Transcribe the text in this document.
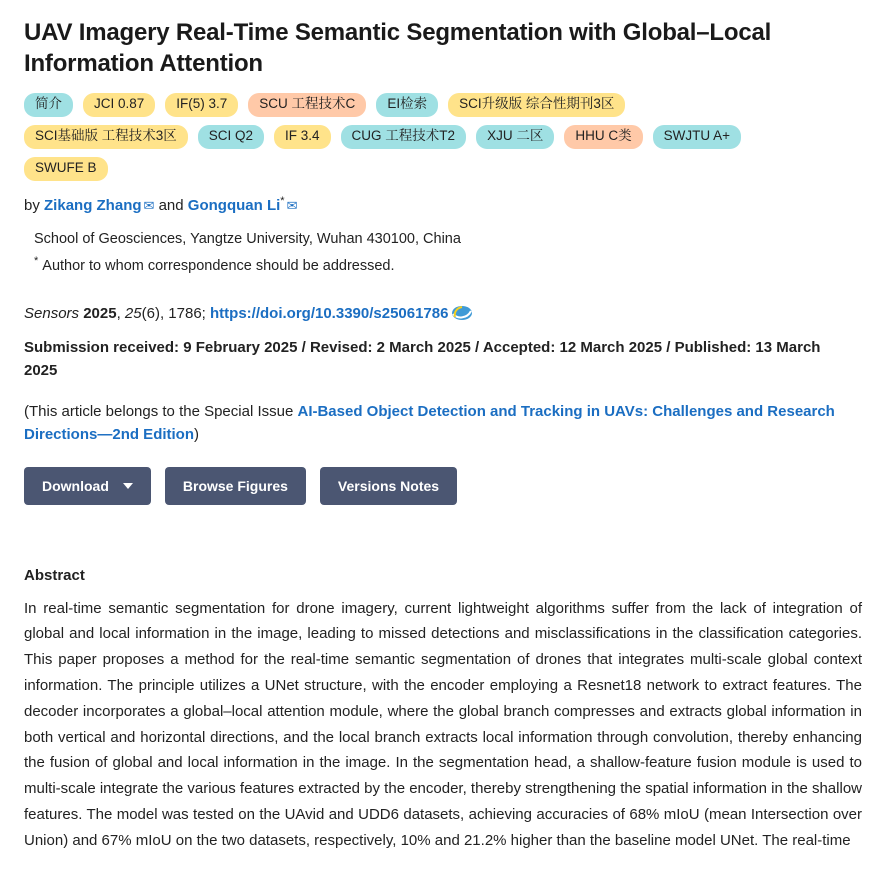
UAV Imagery Real-Time Semantic Segmentation with Global–Local Information Attention
简介	JCI 0.87	IF(5) 3.7	SCU 工程技术C	EI检索	SCI升级版 综合性期刊3区
SCI基础版 工程技术3区	SCI Q2	IF 3.4	CUG 工程技术T2	XJU 二区	HHU C类	SWJTU A+
SWUFE B
by Zikang Zhang ✉ and Gongquan Li* ✉
School of Geosciences, Yangtze University, Wuhan 430100, China
* Author to whom correspondence should be addressed.
Sensors 2025, 25(6), 1786; https://doi.org/10.3390/s25061786
Submission received: 9 February 2025 / Revised: 2 March 2025 / Accepted: 12 March 2025 / Published: 13 March 2025
(This article belongs to the Special Issue AI-Based Object Detection and Tracking in UAVs: Challenges and Research Directions—2nd Edition)
Download	Browse Figures	Versions Notes
Abstract
In real-time semantic segmentation for drone imagery, current lightweight algorithms suffer from the lack of integration of global and local information in the image, leading to missed detections and misclassifications in the classification categories. This paper proposes a method for the real-time semantic segmentation of drones that integrates multi-scale global context information. The principle utilizes a UNet structure, with the encoder employing a Resnet18 network to extract features. The decoder incorporates a global–local attention module, where the global branch compresses and extracts global information in both vertical and horizontal directions, and the local branch extracts local information through convolution, thereby enhancing the fusion of global and local information in the image. In the segmentation head, a shallow-feature fusion module is used to multi-scale integrate the various features extracted by the encoder, thereby strengthening the spatial information in the shallow features. The model was tested on the UAvid and UDD6 datasets, achieving accuracies of 68% mIoU (mean Intersection over Union) and 67% mIoU on the two datasets, respectively, 10% and 21.2% higher than the baseline model UNet. The real-time
